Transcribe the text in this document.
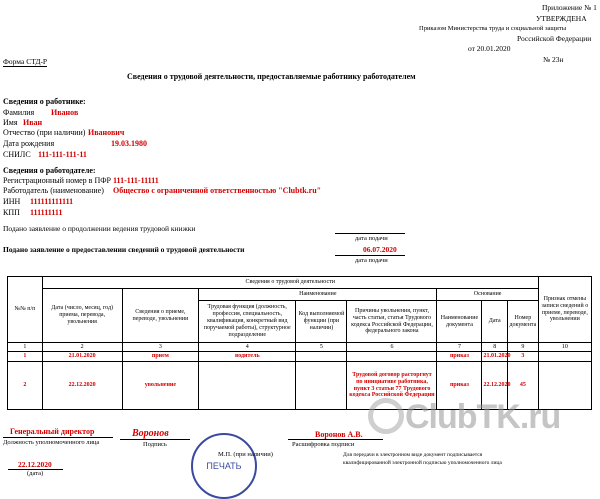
Приложение № 1
УТВЕРЖДЕНА
Приказом Министерства труда и социальной защиты
Российской Федерации
от 20.01.2020
№ 23н
Форма СТД-Р
Сведения о трудовой деятельности, предоставляемые работнику работодателем
Сведения о работнике:
Фамилия Иванов
Имя Иван
Отчество (при наличии) Иванович
Дата рождения	19.03.1980
СНИЛС 111-111-111-11
Сведения о работодателе:
Регистрационный номер в ПФР 111-111-11111
Работодатель (наименование) Общество с ограниченной ответственностью "Clubtk.ru"
ИНН 111111111111
КПП 111111111
Подано заявление о продолжении ведения трудовой книжки
дата подачи
Подано заявление о предоставлении сведений о трудовой деятельности	06.07.2020
дата подачи
№№ п/п	Сведения о трудовой деятельности								Признак отмены записи сведений о приеме, переводе, увольнении
	Дата (число, месяц, год) приема, перевода, увольнения	Сведения о приеме, переводе, увольнении	Наименование			Основание			
			Трудовая функция (должность, профессия, специальность, квалификация, конкретный вид поручаемой работы), структурное подразделение	Код выполняемой функции (при наличии)	Причины увольнения, пункт, часть статьи, статья Трудового кодекса Российской Федерации, федерального закона	Наименование документа	Дата	Номер документа	
1	2	3	4	5	6	7	8	9	10
1	21.01.2020	прием	водитель			приказ	21.01.2020	3	
2	22.12.2020	увольнение			Трудовой договор расторгнут по инициативе работника, пункт 3 статьи 77 Трудового кодекса Российской Федерации	приказ	22.12.2020	45	
ClubTK.ru
Генеральный директор
Должность уполномоченного лица
Воронов
Подпись
ПЕЧАТЬ
М.П. (при наличии)
Воронов А.В.
Расшифровка подписи
22.12.2020
(дата)
Для передачи в электронном виде документ подписывается
квалифицированной электронной подписью уполномоченного лица
